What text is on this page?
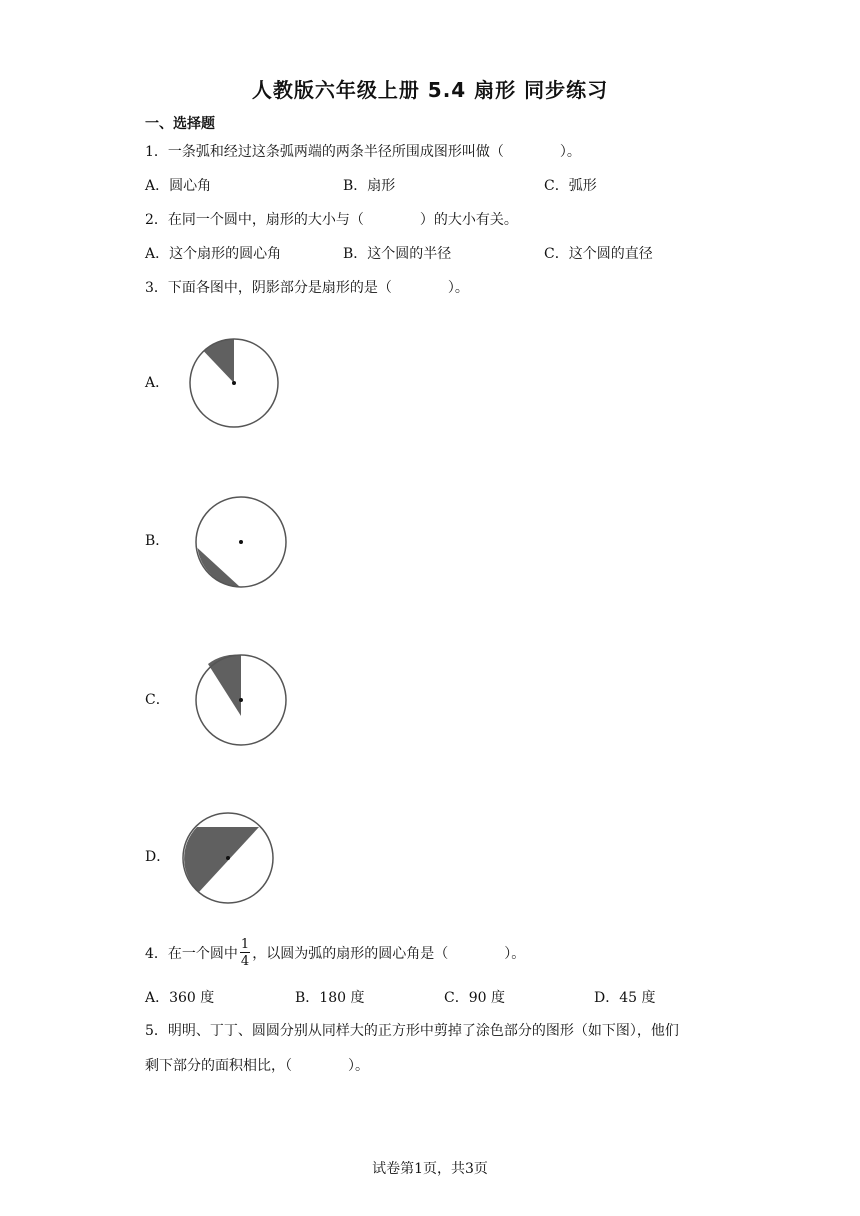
人教版六年级上册 5.4 扇形 同步练习
一、选择题
1．一条弧和经过这条弧两端的两条半径所围成图形叫做（　　　　）。
A．圆心角	B．扇形	C．弧形
2．在同一个圆中，扇形的大小与（　　　　）的大小有关。
A．这个扇形的圆心角	B．这个圆的半径	C．这个圆的直径
3．下面各图中，阴影部分是扇形的是（　　　　）。
A．
B．
C．
D．
4．在一个圆中 $\frac{1}{4}$ ，以圆为弧的扇形的圆心角是（　　　　）。
A．360 度	B．180 度	C．90 度	D．45 度
5．明明、丁丁、圆圆分别从同样大的正方形中剪掉了涂色部分的图形（如下图），他们
剩下部分的面积相比，（　　　　）。
试卷第1页，共3页
